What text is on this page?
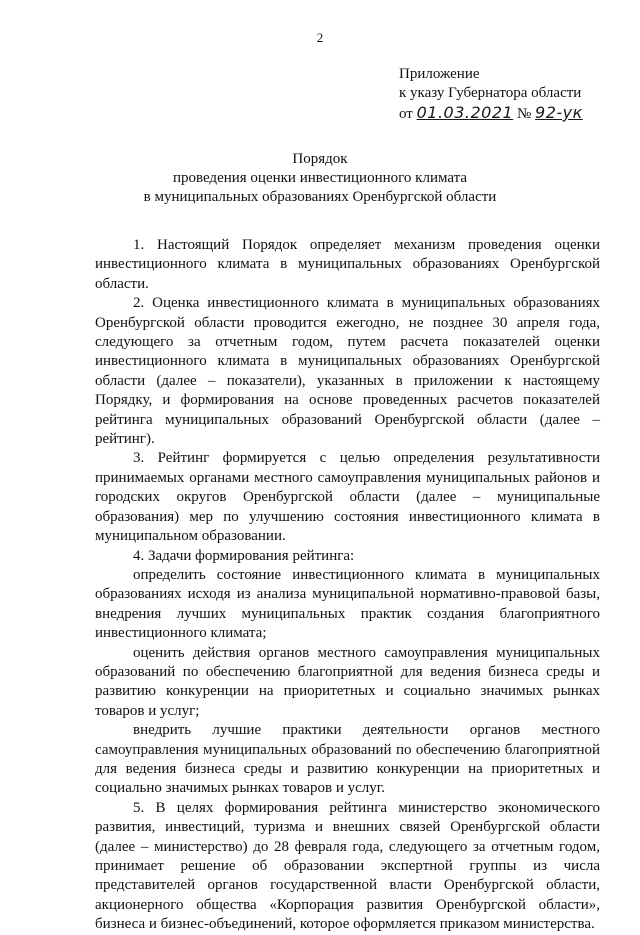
2
Приложение
к указу Губернатора области
от 01.03.2021 № 92-ук
Порядок
проведения оценки инвестиционного климата
в муниципальных образованиях Оренбургской области

1. Настоящий Порядок определяет механизм проведения оценки инвестиционного климата в муниципальных образованиях Оренбургской области.

2. Оценка инвестиционного климата в муниципальных образованиях Оренбургской области проводится ежегодно, не позднее 30 апреля года, следующего за отчетным годом, путем расчета показателей оценки инвестиционного климата в муниципальных образованиях Оренбургской области (далее – показатели), указанных в приложении к настоящему Порядку, и формирования на основе проведенных расчетов показателей рейтинга муниципальных образований Оренбургской области (далее – рейтинг).

3. Рейтинг формируется с целью определения результативности принимаемых органами местного самоуправления муниципальных районов и городских округов Оренбургской области (далее – муниципальные образования) мер по улучшению состояния инвестиционного климата в муниципальном образовании.

4. Задачи формирования рейтинга:

определить состояние инвестиционного климата в муниципальных образованиях исходя из анализа муниципальной нормативно-правовой базы, внедрения лучших муниципальных практик создания благоприятного инвестиционного климата;

оценить действия органов местного самоуправления муниципальных образований по обеспечению благоприятной для ведения бизнеса среды и развитию конкуренции на приоритетных и социально значимых рынках товаров и услуг;

внедрить лучшие практики деятельности органов местного самоуправления муниципальных образований по обеспечению благоприятной для ведения бизнеса среды и развитию конкуренции на приоритетных и социально значимых рынках товаров и услуг.

5. В целях формирования рейтинга министерство экономического развития, инвестиций, туризма и внешних связей Оренбургской области (далее – министерство) до 28 февраля года, следующего за отчетным годом, принимает решение об образовании экспертной группы из числа представителей органов государственной власти Оренбургской области, акционерного общества «Корпорация развития Оренбургской области», бизнеса и бизнес-объединений, которое оформляется приказом министерства.
